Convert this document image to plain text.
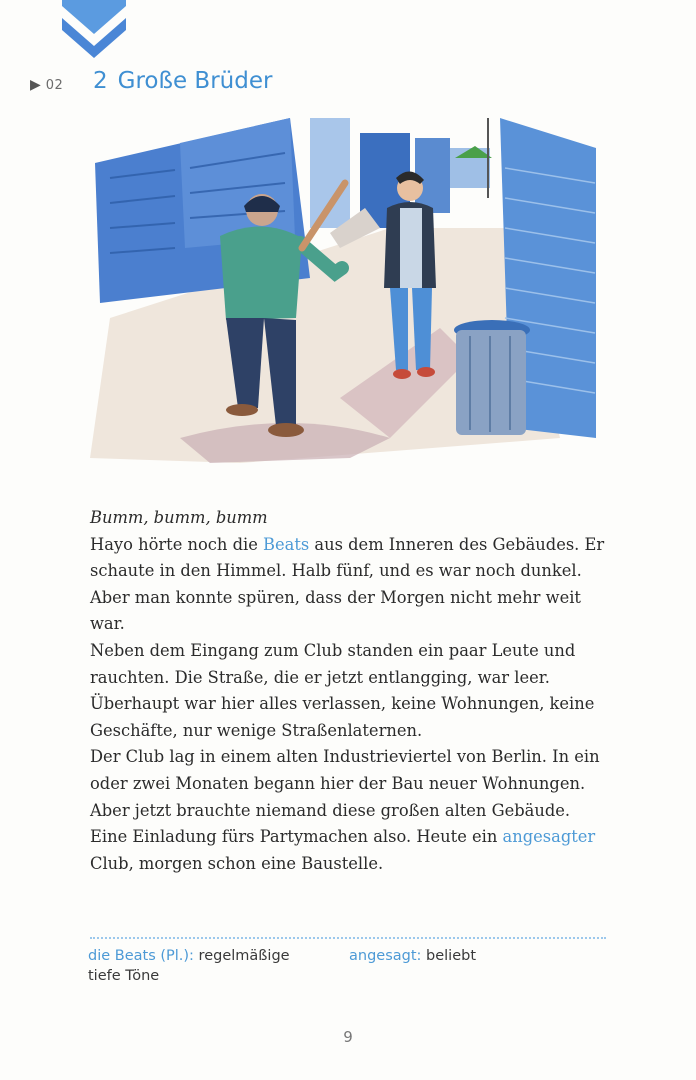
▶ 02 2 Große Brüder

Bumm, bumm, bumm

Hayo hörte noch die Beats aus dem Inneren des Gebäudes. Er schaute in den Himmel. Halb fünf, und es war noch dunkel. Aber man konnte spüren, dass der Morgen nicht mehr weit war.

Neben dem Eingang zum Club standen ein paar Leute und rauchten. Die Straße, die er jetzt entlangging, war leer. Überhaupt war hier alles verlassen, keine Wohnungen, keine Geschäfte, nur wenige Straßenlaternen.

Der Club lag in einem alten Industrieviertel von Berlin. In ein oder zwei Monaten begann hier der Bau neuer Wohnungen. Aber jetzt brauchte niemand diese großen alten Gebäude. Eine Einladung fürs Partymachen also. Heute ein angesagter Club, morgen schon eine Baustelle.

die Beats (Pl.): regelmäßige tiefe Töne
angesagt: beliebt
9
